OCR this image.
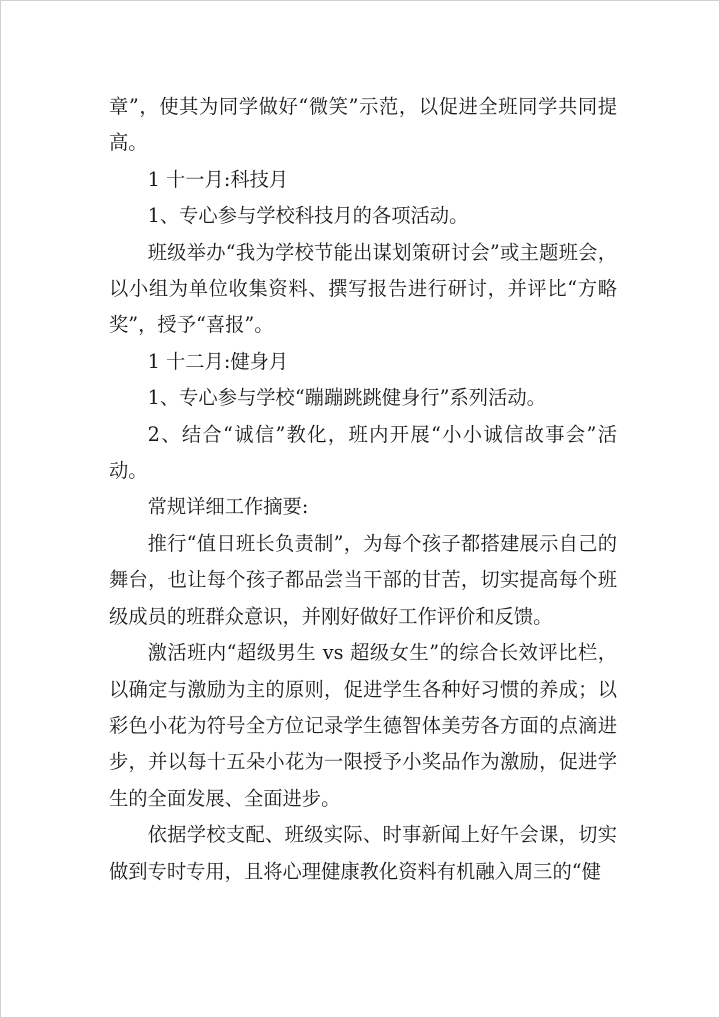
章”，使其为同学做好“微笑”示范，以促进全班同学共同提高。

1 十一月:科技月

1、专心参与学校科技月的各项活动。

班级举办“我为学校节能出谋划策研讨会”或主题班会，以小组为单位收集资料、撰写报告进行研讨，并评比“方略奖”，授予“喜报”。

1 十二月:健身月

1、专心参与学校“蹦蹦跳跳健身行”系列活动。

2、结合“诚信”教化，班内开展“小小诚信故事会”活动。

常规详细工作摘要:

推行“值日班长负责制”，为每个孩子都搭建展示自己的舞台，也让每个孩子都品尝当干部的甘苦，切实提高每个班级成员的班群众意识，并刚好做好工作评价和反馈。

激活班内“超级男生 vs 超级女生”的综合长效评比栏，以确定与激励为主的原则，促进学生各种好习惯的养成；以彩色小花为符号全方位记录学生德智体美劳各方面的点滴进步，并以每十五朵小花为一限授予小奖品作为激励，促进学生的全面发展、全面进步。

依据学校支配、班级实际、时事新闻上好午会课，切实做到专时专用，且将心理健康教化资料有机融入周三的“健
